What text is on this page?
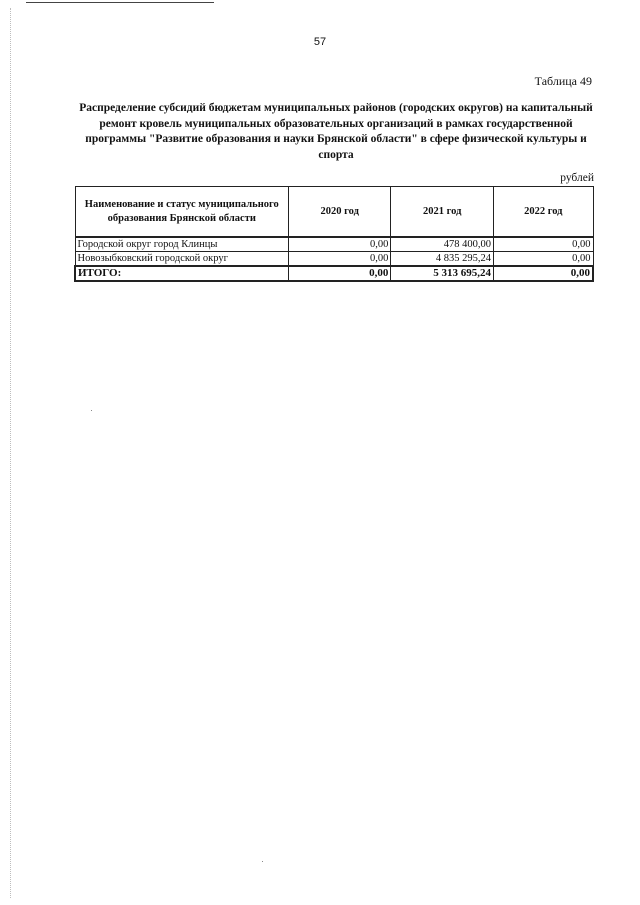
57
Таблица 49
Распределение субсидий бюджетам муниципальных районов (городских округов) на капитальный ремонт кровель муниципальных образовательных организаций в рамках государственной программы "Развитие образования и науки Брянской области" в сфере физической культуры и спорта
рублей
Наименование и статус муниципального образования Брянской области	2020 год	2021 год	2022 год
Городской округ город Клинцы	0,00	478 400,00	0,00
Новозыбковский городской округ	0,00	4 835 295,24	0,00
ИТОГО:	0,00	5 313 695,24	0,00
